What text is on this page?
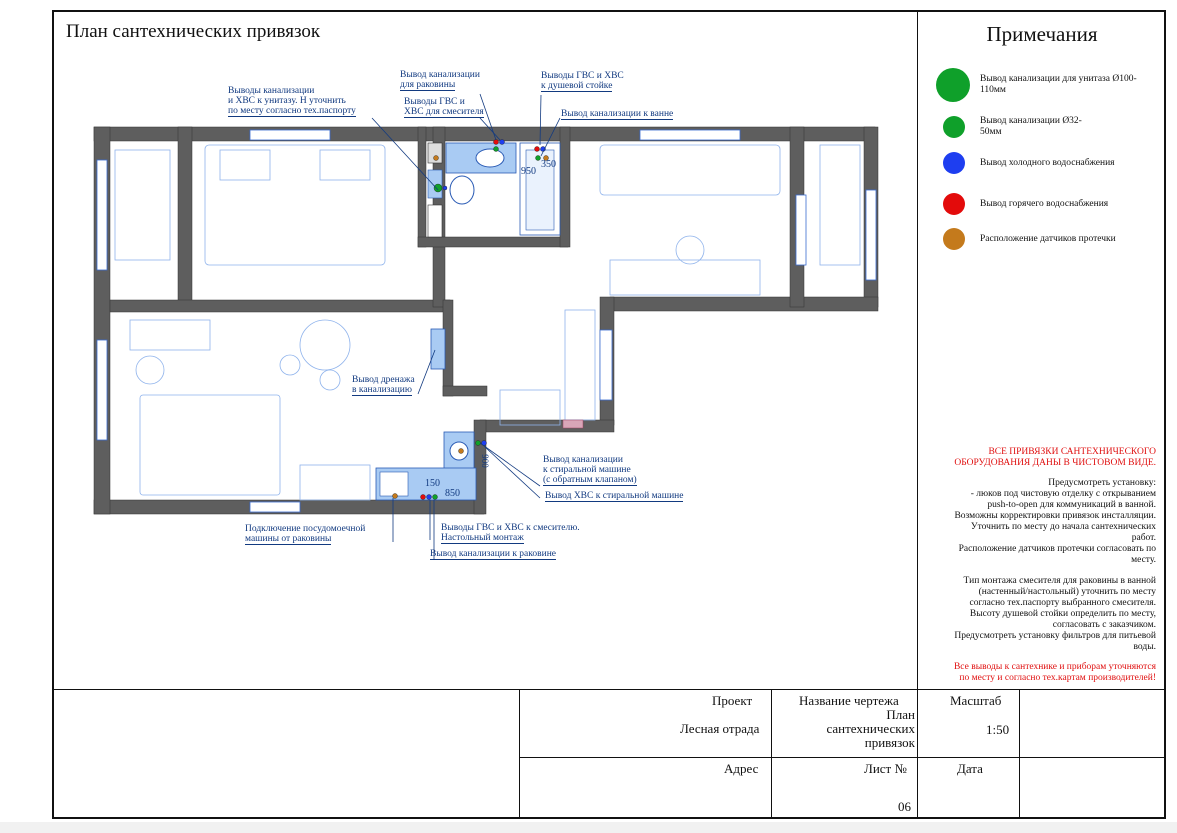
План сантехнических привязок
950
350
150
850
900
Выводы канализации
и ХВС к унитазу. Н уточнить
по месту согласно тех.паспорту
Вывод канализации
для раковины
Выводы ГВС и
ХВС для смесителя
Выводы ГВС и ХВС
к душевой стойке
Вывод канализации к ванне
Вывод дренажа
в канализацию
Вывод канализации
к стиральной машине
(с обратным клапаном)
Вывод ХВС к стиральной машине
Подключение посудомоечной
машины от раковины
Выводы ГВС и ХВС к смесителю.
Настольный монтаж
Вывод канализации к раковине
Примечания
Вывод канализации для унитаза Ø100-110мм
Вывод канализации Ø32-50мм
Вывод холодного водоснабжения
Вывод горячего водоснабжения
Расположение датчиков протечки
ВСЕ ПРИВЯЗКИ САНТЕХНИЧЕСКОГО
ОБОРУДОВАНИЯ ДАНЫ В ЧИСТОВОМ ВИДЕ.
Предусмотреть установку:
- люков под чистовую отделку с открыванием
push-to-open для коммуникаций в ванной.
Возможны корректировки привязок инсталляции.
Уточнить по месту до начала сантехнических
работ.
Расположение датчиков протечки согласовать по
месту.
Тип монтажа смесителя для раковины в ванной
(настенный/настольный) уточнить по месту
согласно тех.паспорту выбранного смесителя.
Высоту душевой стойки определить по месту,
согласовать с заказчиком.
Предусмотреть установку фильтров для питьевой
воды.
Все выводы к сантехнике и приборам уточняются
по месту и согласно тех.картам производителей!
Проект
Лесная отрада
Название чертежа
План
сантехнических
привязок
Масштаб
1:50
Адрес	Лист №
06
Дата
